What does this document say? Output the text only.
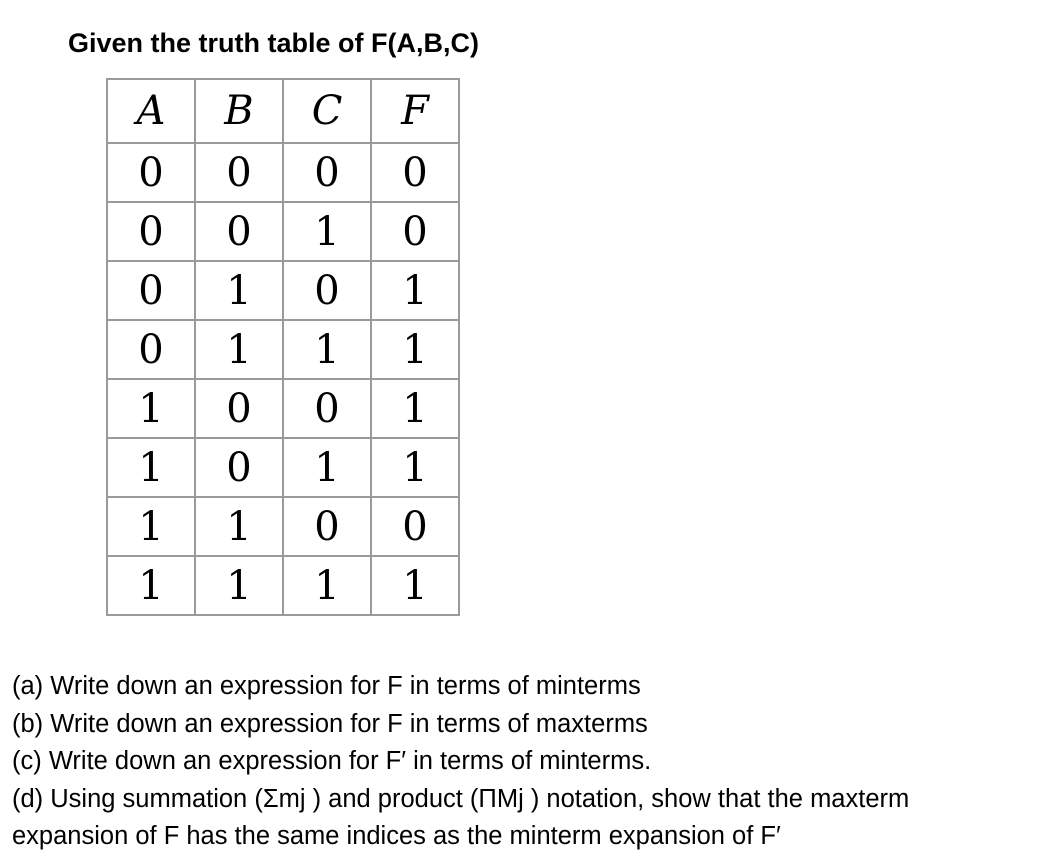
Given the truth table of F(A,B,C)
A	B	C	F
0	0	0	0
0	0	1	0
0	1	0	1
0	1	1	1
1	0	0	1
1	0	1	1
1	1	0	0
1	1	1	1
(a) Write down an expression for F in terms of minterms
(b) Write down an expression for F in terms of maxterms
(c) Write down an expression for F′ in terms of minterms.
(d) Using summation (Σmj ) and product (ΠMj ) notation, show that the maxterm
expansion of F has the same indices as the minterm expansion of F′
